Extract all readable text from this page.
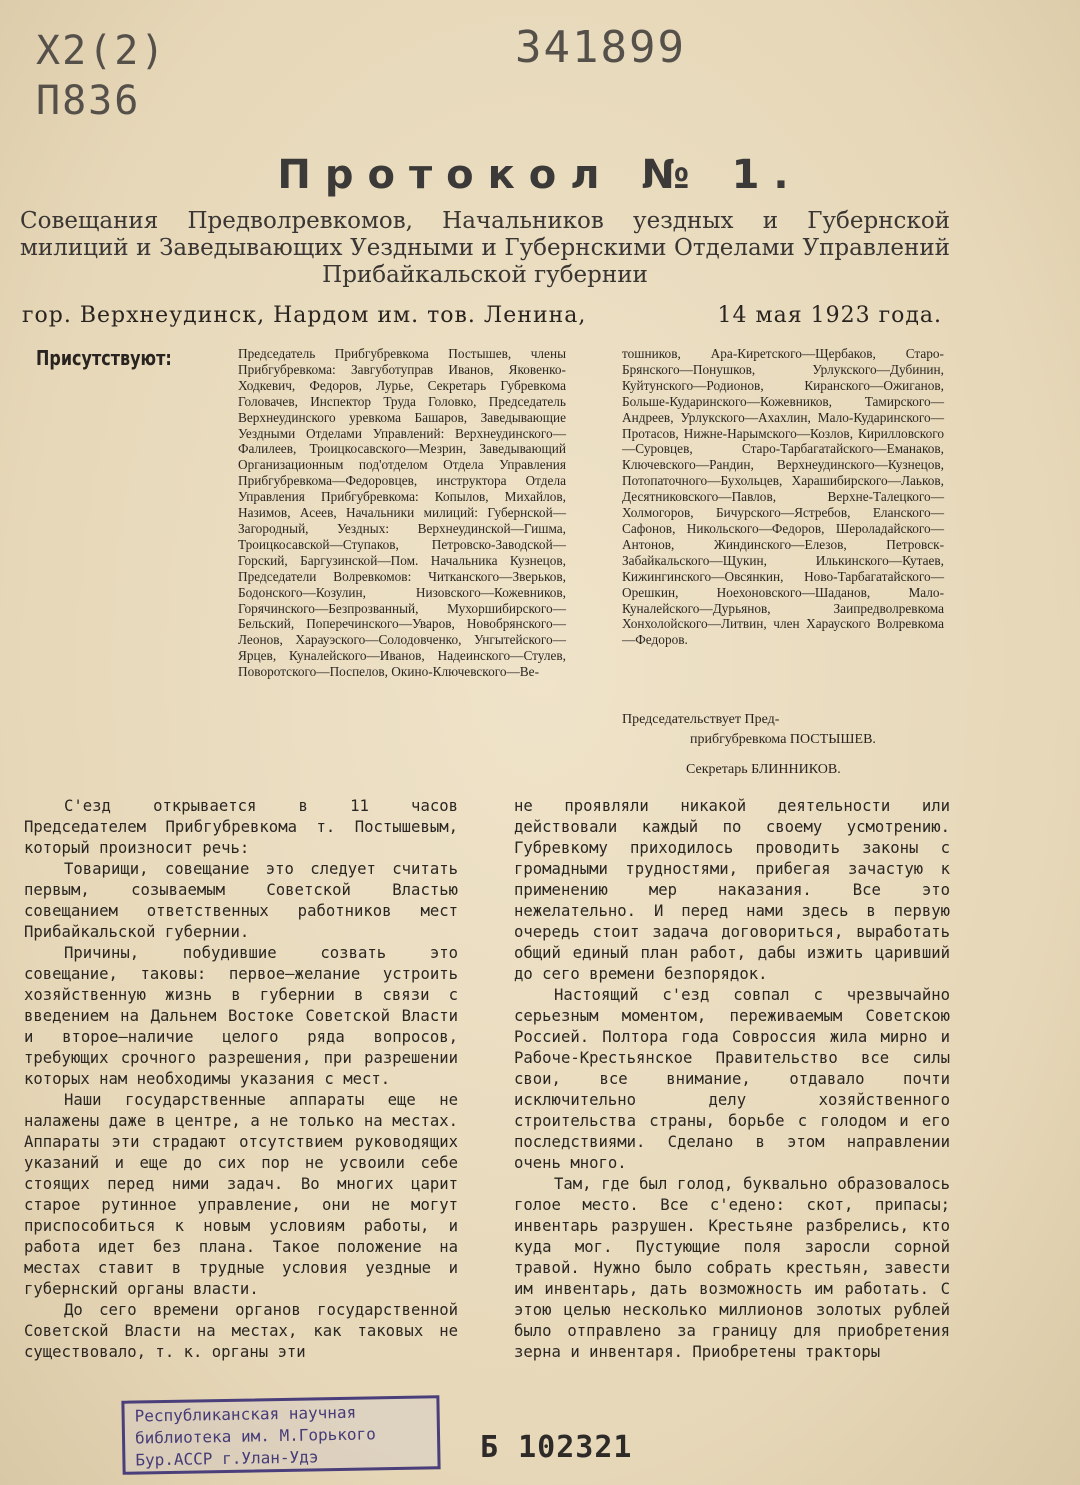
Х2(2)
П836
341899
Протокол № 1.
Совещания Предволревкомов, Начальников уездных и Губернской милиций и Заведывающих Уездными и Губернскими Отделами Управлений Прибайкальской губернии
гор. Верхнеудинск, Нардом им. тов. Ленина,	14 мая 1923 года.
Присутствуют:	Председатель Прибгубревкома Постышев, члены Прибгубревкома: Завгуботуправ Иванов, Яковенко-Ходкевич, Федоров, Лурье, Секретарь Губревкома Головачев, Инспектор Труда Головко, Председатель Верхнеудинского уревкома Башаров, Заведывающие Уездными Отделами Управлений: Верхнеудинского—Фалилеев, Троицкосавского—Мезрин, Заведывающий Организационным под'отделом Отдела Управления Прибгубревкома—Федоровцев, инструктора Отдела Управления Прибгубревкома: Копылов, Михайлов, Назимов, Асеев, Начальники милиций: Губернской—Загородный, Уездных: Верхнеудинской—Гишма, Троицкосавской—Ступаков, Петровско-Заводской—Горский, Баргузинской—Пом. Начальника Кузнецов, Председатели Волревкомов: Читканского—Зверьков, Бодонского—Козулин, Низовского—Кожевников, Горячинского—Безпрозванный, Мухоршибирского—Бельский, Поперечинского—Уваров, Новобрянского—Леонов, Харауэского—Солодовченко, Унгытейского—Ярцев, Куналейского—Иванов, Надеинского—Стулев, Поворотского—Поспелов, Окино-Ключевского—Ве-
тошников, Ара-Киретского—Щербаков, Старо-Брянского—Понушков, Урлукского—Дубинин, Куйтунского—Родионов, Киранского—Ожиганов, Больше-Кударинского—Кожевников, Тамирского—Андреев, Урлукского—Ахахлин, Мало-Кударинского—Протасов, Нижне-Нарымского—Козлов, Кирилловского—Суровцев, Старо-Тарбагатайского—Еманаков, Ключевского—Рандин, Верхнеудинского—Кузнецов, Потопаточного—Бухольцев, Харашибирского—Лаьков, Десятниковского—Павлов, Верхне-Талецкого—Холмогоров, Бичурского—Ястребов, Еланского—Сафонов, Никольского—Федоров, Шероладайского—Антонов, Жиндинского—Елезов, Петровск-Забайкальского—Щукин, Илькинского—Кутаев, Кижингинского—Овсянкин, Ново-Тарбагатайского—Орешкин, Ноехоновского—Шаданов, Мало-Куналейского—Дурьянов, Заипредволревкома Хонхолойского—Литвин, член Харауского Волревкома—Федоров.
Председательствует Пред-
прибгубревкома ПОСТЫШЕВ.
Секретарь БЛИННИКОВ.

С'езд открывается в 11 часов Председателем Прибгубревкома т. Постышевым, который произносит речь:

Товарищи, совещание это следует считать первым, созываемым Советской Властью совещанием ответственных работников мест Прибайкальской губернии.

Причины, побудившие созвать это совещание, таковы: первое—желание устроить хозяйственную жизнь в губернии в связи с введением на Дальнем Востоке Советской Власти и второе—наличие целого ряда вопросов, требующих срочного разрешения, при разрешении которых нам необходимы указания с мест.

Наши государственные аппараты еще не налажены даже в центре, а не только на местах. Аппараты эти страдают отсутствием руководящих указаний и еще до сих пор не усвоили себе стоящих перед ними задач. Во многих царит старое рутинное управление, они не могут приспособиться к новым условиям работы, и работа идет без плана. Такое положение на местах ставит в трудные условия уездные и губернский органы власти.

До сего времени органов государственной Советской Власти на местах, как таковых не существовало, т. к. органы эти

не проявляли никакой деятельности или действовали каждый по своему усмотрению. Губревкому приходилось проводить законы с громадными трудностями, прибегая зачастую к применению мер наказания. Все это нежелательно. И перед нами здесь в первую очередь стоит задача договориться, выработать общий единый план работ, дабы изжить царивший до сего времени безпорядок.

Настоящий с'езд совпал с чрезвычайно серьезным моментом, переживаемым Советскою Россией. Полтора года Совроссия жила мирно и Рабоче-Крестьянское Правительство все силы свои, все внимание, отдавало почти исключительно делу хозяйственного строительства страны, борьбе с голодом и его последствиями. Сделано в этом направлении очень много.

Там, где был голод, буквально образовалось голое место. Все с'едено: скот, припасы; инвентарь разрушен. Крестьяне разбрелись, кто куда мог. Пустующие поля заросли сорной травой. Нужно было собрать крестьян, завести им инвентарь, дать возможность им работать. С этою целью несколько миллионов золотых рублей было отправлено за границу для приобретения зерна и инвентаря. Приобретены тракторы

Республиканская научная
библиотека им. М.Горького
Бур.АССР г.Улан-Удэ	Б 102321
